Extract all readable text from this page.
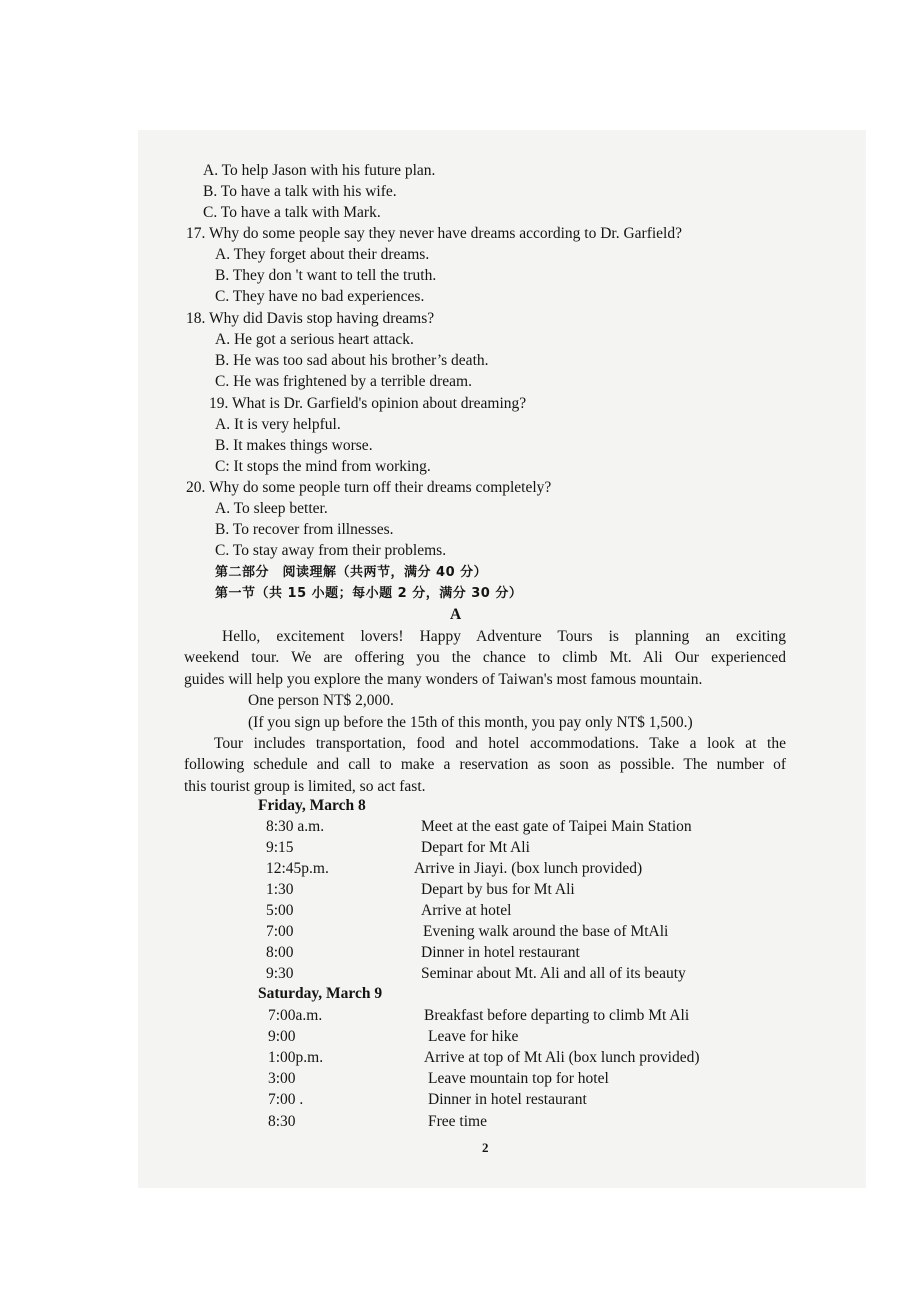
A. To help Jason with his future plan.
B. To have a talk with his wife.
C. To have a talk with Mark.
17. Why do some people say they never have dreams according to Dr. Garfield?
A. They forget about their dreams.
B. They don 't want to tell the truth.
C. They have no bad experiences.
18. Why did Davis stop having dreams?
A. He got a serious heart attack.
B. He was too sad about his brother’s death.
C. He was frightened by a terrible dream.
19. What is Dr. Garfield's opinion about dreaming?
A. It is very helpful.
B. It makes things worse.
C: It stops the mind from working.
20. Why do some people turn off their dreams completely?
A. To sleep better.
B. To recover from illnesses.
C. To stay away from their problems.
第二部分　阅读理解（共两节，满分 40 分）
第一节（共 15 小题；每小题 2 分，满分 30 分）
A
Hello, excitement lovers! Happy Adventure Tours is planning an exciting
weekend tour. We are offering you the chance to climb Mt. Ali Our experienced
guides will help you explore the many wonders of Taiwan's most famous mountain.
One person NT$ 2,000.
(If you sign up before the 15th of this month, you pay only NT$ 1,500.)
Tour includes transportation, food and hotel accommodations. Take a look at the
following schedule and call to make a reservation as soon as possible. The number of
this tourist group is limited, so act fast.
Friday, March 8
8:30 a.m.	Meet at the east gate of Taipei Main Station
9:15	Depart for Mt Ali
12:45p.m.	Arrive in Jiayi. (box lunch provided)
1:30	Depart by bus for Mt Ali
5:00	Arrive at hotel
7:00	Evening walk around the base of MtAli
8:00	Dinner in hotel restaurant
9:30	Seminar about Mt. Ali and all of its beauty
Saturday, March 9
7:00a.m.	Breakfast before departing to climb Mt Ali
9:00	Leave for hike
1:00p.m.	Arrive at top of Mt Ali (box lunch provided)
3:00	Leave mountain top for hotel
7:00 .	Dinner in hotel restaurant
8:30	Free time
2
